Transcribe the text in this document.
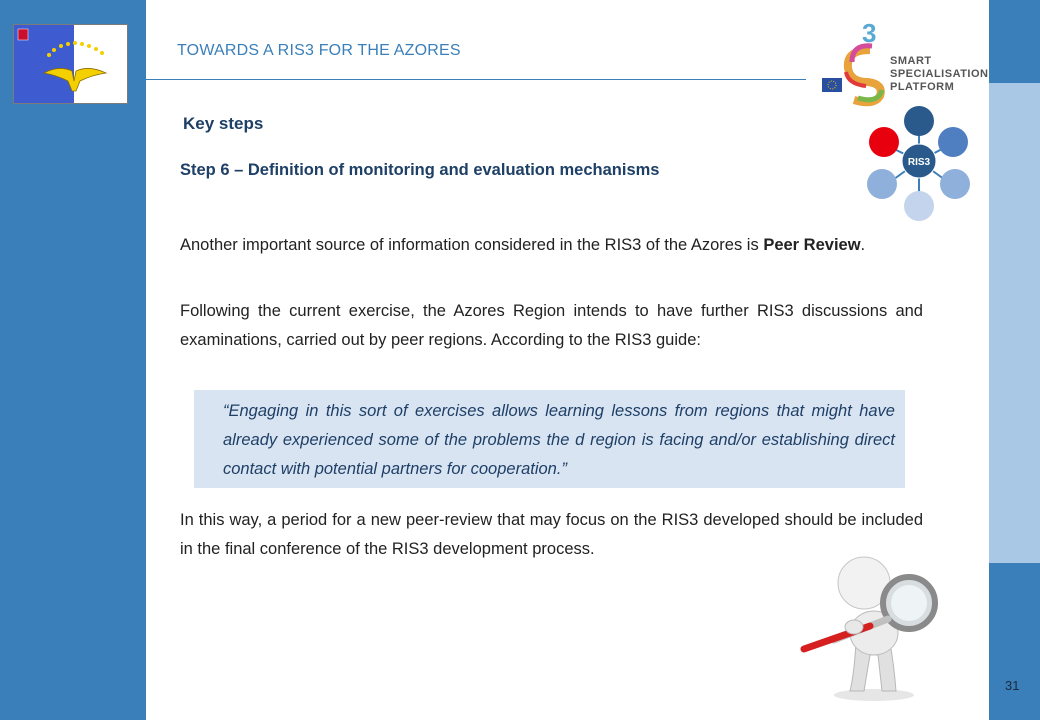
31
TOWARDS A RIS3 FOR THE AZORES
3
SMART
SPECIALISATION
PLATFORM
RIS3
Key steps
Step 6 – Definition of monitoring and evaluation mechanisms
Another important source of information considered in the RIS3 of the Azores is Peer Review.
Following the current exercise, the Azores Region intends to have further RIS3 discussions and examinations, carried out by peer regions. According to the RIS3 guide:
“Engaging in this sort of exercises allows learning lessons from regions that might have already experienced some of the problems the d region is facing and/or establishing direct contact with potential partners for cooperation.”
In this way, a period for a new peer-review that may focus on the RIS3 developed should be included in the final conference of the RIS3 development process.
